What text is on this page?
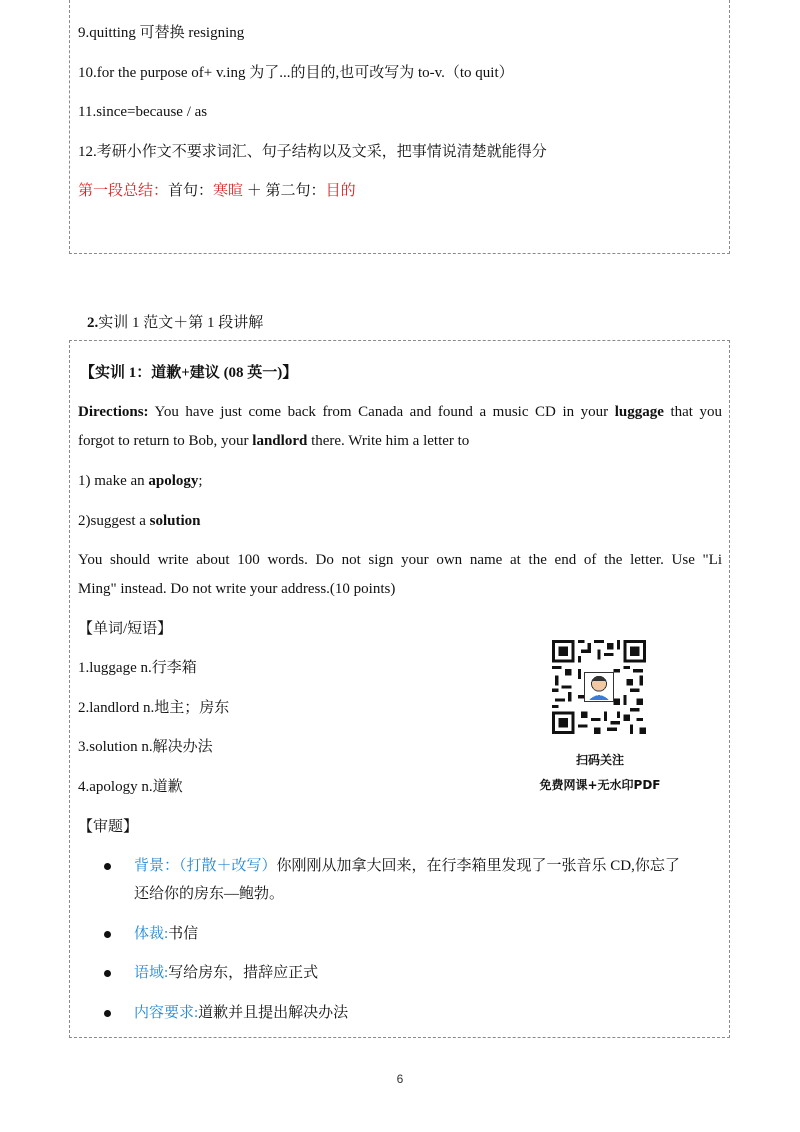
9.quitting 可替换 resigning
10.for the purpose of+ v.ing 为了...的目的,也可改写为 to-v.（to quit）
11.since=because / as
12.考研小作文不要求词汇、句子结构以及文采，把事情说清楚就能得分
第一段总结：首句：寒暄 ＋ 第二句：目的
2.实训 1 范文＋第 1 段讲解
【实训 1：道歉+建议 (08 英一)】
Directions: You have just come back from Canada and found a music CD in your luggage that you
forgot to return to Bob, your landlord there. Write him a letter to
1) make an apology;
2)suggest a solution
You should write about 100 words. Do not sign your own name at the end of the letter. Use "Li
Ming" instead. Do not write your address.(10 points)
【单词/短语】
1.luggage n.行李箱
2.landlord n.地主；房东
3.solution n.解决办法
4.apology n.道歉
扫码关注
免费网课+无水印PDF
【审题】
背景：（打散＋改写）你刚刚从加拿大回来，在行李箱里发现了一张音乐 CD,你忘了
还给你的房东—鲍勃。
体裁:书信
语域:写给房东，措辞应正式
内容要求:道歉并且提出解决办法
6
